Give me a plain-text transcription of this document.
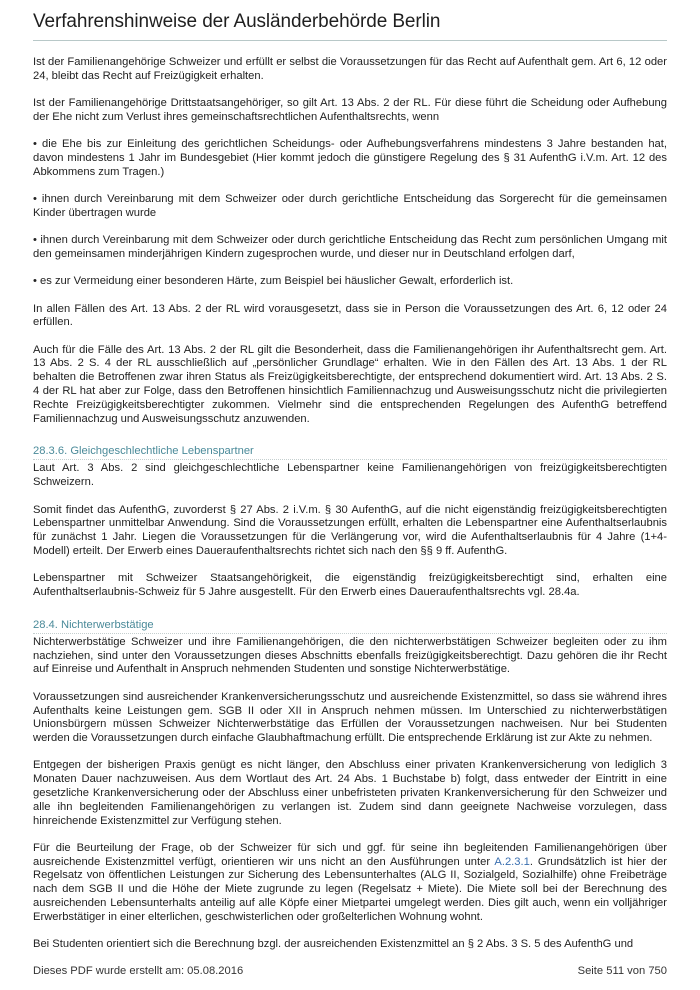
Verfahrenshinweise der Ausländerbehörde Berlin

Ist der Familienangehörige Schweizer und erfüllt er selbst die Voraussetzungen für das Recht auf Aufenthalt gem. Art 6, 12 oder 24, bleibt das Recht auf Freizügigkeit erhalten.

Ist der Familienangehörige Drittstaatsangehöriger, so gilt Art. 13 Abs. 2 der RL. Für diese führt die Scheidung oder Aufhebung der Ehe nicht zum Verlust ihres gemeinschaftsrechtlichen Aufenthaltsrechts, wenn

• die Ehe bis zur Einleitung des gerichtlichen Scheidungs- oder Aufhebungsverfahrens mindestens 3 Jahre bestanden hat, davon mindestens 1 Jahr im Bundesgebiet (Hier kommt jedoch die günstigere Regelung des § 31 AufenthG i.V.m. Art. 12 des Abkommens zum Tragen.)

• ihnen durch Vereinbarung mit dem Schweizer oder durch gerichtliche Entscheidung das Sorgerecht für die gemeinsamen Kinder übertragen wurde

• ihnen durch Vereinbarung mit dem Schweizer oder durch gerichtliche Entscheidung das Recht zum persönlichen Umgang mit den gemeinsamen minderjährigen Kindern zugesprochen wurde, und dieser nur in Deutschland erfolgen darf,

• es zur Vermeidung einer besonderen Härte, zum Beispiel bei häuslicher Gewalt, erforderlich ist.

In allen Fällen des Art. 13 Abs. 2 der RL wird vorausgesetzt, dass sie in Person die Voraussetzungen des Art. 6, 12 oder 24 erfüllen.

Auch für die Fälle des Art. 13 Abs. 2 der RL gilt die Besonderheit, dass die Familienangehörigen ihr Aufenthaltsrecht gem. Art. 13 Abs. 2 S. 4 der RL ausschließlich auf „persönlicher Grundlage“ erhalten. Wie in den Fällen des Art. 13 Abs. 1 der RL behalten die Betroffenen zwar ihren Status als Freizügigkeitsberechtigte, der entsprechend dokumentiert wird. Art. 13 Abs. 2 S. 4 der RL hat aber zur Folge, dass den Betroffenen hinsichtlich Familiennachzug und Ausweisungsschutz nicht die privilegierten Rechte Freizügigkeitsberechtigter zukommen. Vielmehr sind die entsprechenden Regelungen des AufenthG betreffend Familiennachzug und Ausweisungsschutz anzuwenden.

28.3.6. Gleichgeschlechtliche Lebenspartner

Laut Art. 3 Abs. 2 sind gleichgeschlechtliche Lebenspartner keine Familienangehörigen von freizügigkeitsberechtigten Schweizern.

Somit findet das AufenthG, zuvorderst § 27 Abs. 2 i.V.m. § 30 AufenthG, auf die nicht eigenständig freizügigkeitsberechtigten Lebenspartner unmittelbar Anwendung. Sind die Voraussetzungen erfüllt, erhalten die Lebenspartner eine Aufenthaltserlaubnis für zunächst 1 Jahr. Liegen die Voraussetzungen für die Verlängerung vor, wird die Aufenthaltserlaubnis für 4 Jahre (1+4-Modell) erteilt. Der Erwerb eines Daueraufenthaltsrechts richtet sich nach den §§ 9 ff. AufenthG.

Lebenspartner mit Schweizer Staatsangehörigkeit, die eigenständig freizügigkeitsberechtigt sind, erhalten eine Aufenthaltserlaubnis-Schweiz für 5 Jahre ausgestellt. Für den Erwerb eines Daueraufenthaltsrechts vgl. 28.4a.

28.4. Nichterwerbstätige

Nichterwerbstätige Schweizer und ihre Familienangehörigen, die den nichterwerbstätigen Schweizer begleiten oder zu ihm nachziehen, sind unter den Voraussetzungen dieses Abschnitts ebenfalls freizügigkeitsberechtigt. Dazu gehören die ihr Recht auf Einreise und Aufenthalt in Anspruch nehmenden Studenten und sonstige Nichterwerbstätige.

Voraussetzungen sind ausreichender Krankenversicherungsschutz und ausreichende Existenzmittel, so dass sie während ihres Aufenthalts keine Leistungen gem. SGB II oder XII in Anspruch nehmen müssen. Im Unterschied zu nichterwerbstätigen Unionsbürgern müssen Schweizer Nichterwerbstätige das Erfüllen der Voraussetzungen nachweisen. Nur bei Studenten werden die Voraussetzungen durch einfache Glaubhaftmachung erfüllt. Die entsprechende Erklärung ist zur Akte zu nehmen.

Entgegen der bisherigen Praxis genügt es nicht länger, den Abschluss einer privaten Krankenversicherung von lediglich 3 Monaten Dauer nachzuweisen. Aus dem Wortlaut des Art. 24 Abs. 1 Buchstabe b) folgt, dass entweder der Eintritt in eine gesetzliche Krankenversicherung oder der Abschluss einer unbefristeten privaten Krankenversicherung für den Schweizer und alle ihn begleitenden Familienangehörigen zu verlangen ist. Zudem sind dann geeignete Nachweise vorzulegen, dass hinreichende Existenzmittel zur Verfügung stehen.

Für die Beurteilung der Frage, ob der Schweizer für sich und ggf. für seine ihn begleitenden Familienangehörigen über ausreichende Existenzmittel verfügt, orientieren wir uns nicht an den Ausführungen unter A.2.3.1. Grundsätzlich ist hier der Regelsatz von öffentlichen Leistungen zur Sicherung des Lebensunterhaltes (ALG II, Sozialgeld, Sozialhilfe) ohne Freibeträge nach dem SGB II und die Höhe der Miete zugrunde zu legen (Regelsatz + Miete). Die Miete soll bei der Berechnung des ausreichenden Lebensunterhalts anteilig auf alle Köpfe einer Mietpartei umgelegt werden. Dies gilt auch, wenn ein volljähriger Erwerbstätiger in einer elterlichen, geschwisterlichen oder großelterlichen Wohnung wohnt.

Bei Studenten orientiert sich die Berechnung bzgl. der ausreichenden Existenzmittel an § 2 Abs. 3 S. 5 des AufenthG und

Dieses PDF wurde erstellt am: 05.08.2016	Seite 511 von 750
